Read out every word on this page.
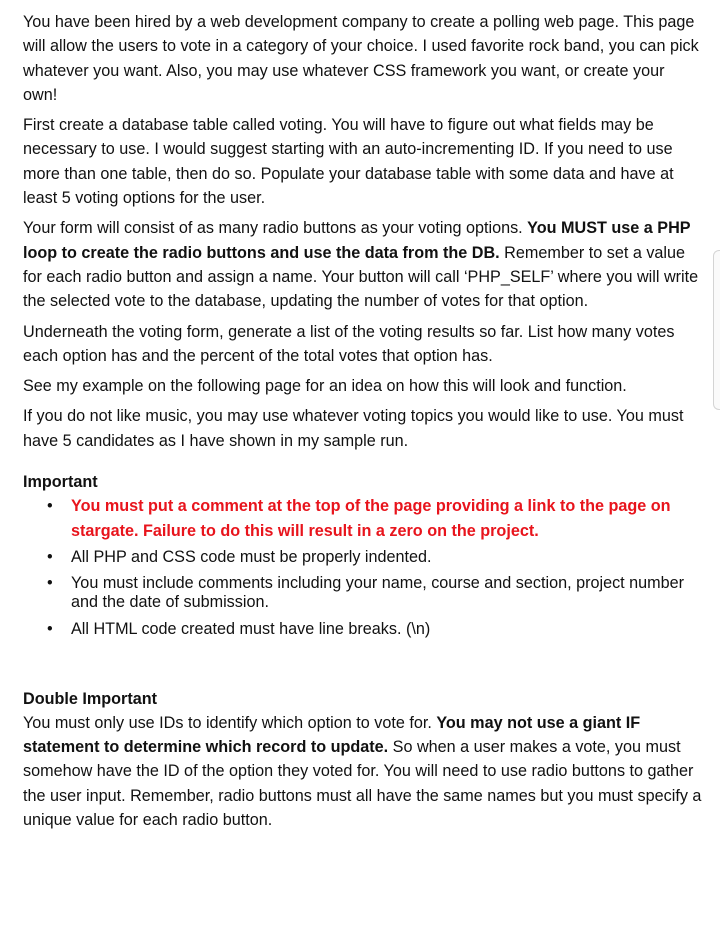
You have been hired by a web development company to create a polling web page. This page will allow the users to vote in a category of your choice. I used favorite rock band, you can pick whatever you want. Also, you may use whatever CSS framework you want, or create your own!

First create a database table called voting. You will have to figure out what fields may be necessary to use. I would suggest starting with an auto-incrementing ID. If you need to use more than one table, then do so. Populate your database table with some data and have at least 5 voting options for the user.

Your form will consist of as many radio buttons as your voting options. You MUST use a PHP loop to create the radio buttons and use the data from the DB. Remember to set a value for each radio button and assign a name. Your button will call ‘PHP_SELF’ where you will write the selected vote to the database, updating the number of votes for that option.

Underneath the voting form, generate a list of the voting results so far. List how many votes each option has and the percent of the total votes that option has.

See my example on the following page for an idea on how this will look and function.

If you do not like music, you may use whatever voting topics you would like to use. You must have 5 candidates as I have shown in my sample run.

Important
• You must put a comment at the top of the page providing a link to the page on stargate. Failure to do this will result in a zero on the project.
• All PHP and CSS code must be properly indented.
• You must include comments including your name, course and section, project number and the date of submission.
• All HTML code created must have line breaks. (\n)
Double Important

You must only use IDs to identify which option to vote for. You may not use a giant IF statement to determine which record to update. So when a user makes a vote, you must somehow have the ID of the option they voted for. You will need to use radio buttons to gather the user input. Remember, radio buttons must all have the same names but you must specify a unique value for each radio button.
